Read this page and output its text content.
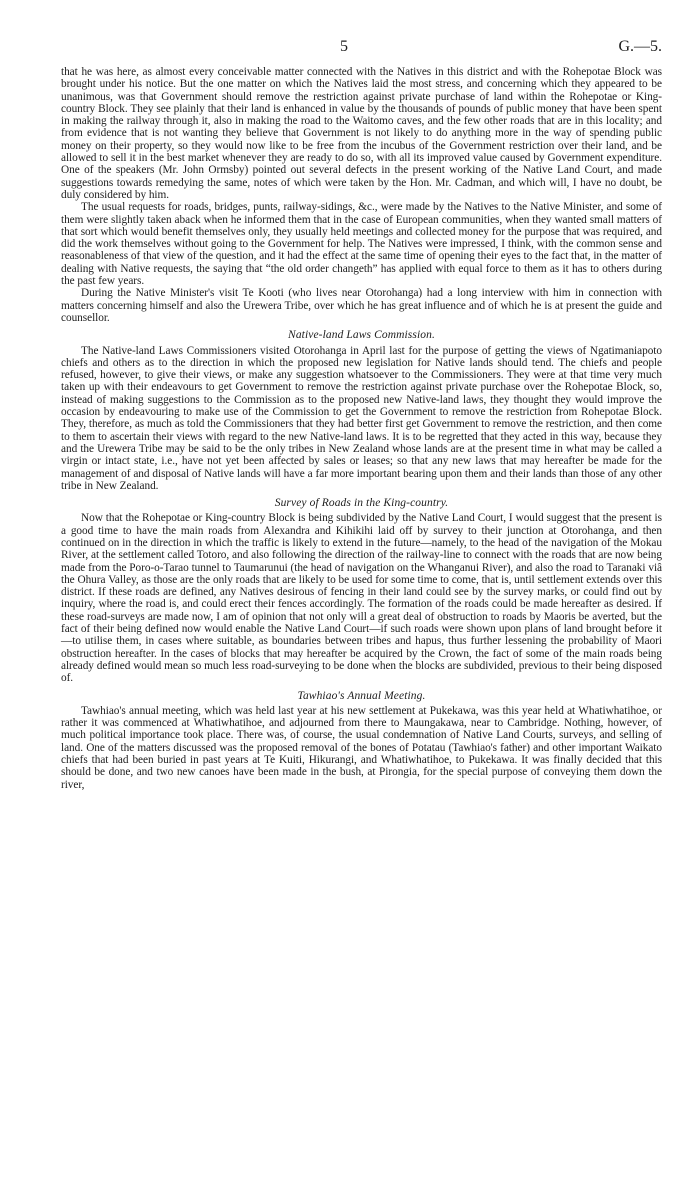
5	G.—5.

that he was here, as almost every conceivable matter connected with the Natives in this district and with the Rohepotae Block was brought under his notice. But the one matter on which the Natives laid the most stress, and concerning which they appeared to be unanimous, was that Government should remove the restriction against private purchase of land within the Rohepotae or King-country Block. They see plainly that their land is enhanced in value by the thousands of pounds of public money that have been spent in making the railway through it, also in making the road to the Waitomo caves, and the few other roads that are in this locality; and from evidence that is not wanting they believe that Government is not likely to do anything more in the way of spending public money on their property, so they would now like to be free from the incubus of the Government restriction over their land, and be allowed to sell it in the best market whenever they are ready to do so, with all its improved value caused by Government expenditure. One of the speakers (Mr. John Ormsby) pointed out several defects in the present working of the Native Land Court, and made suggestions towards remedying the same, notes of which were taken by the Hon. Mr. Cadman, and which will, I have no doubt, be duly considered by him.

The usual requests for roads, bridges, punts, railway-sidings, &c., were made by the Natives to the Native Minister, and some of them were slightly taken aback when he informed them that in the case of European communities, when they wanted small matters of that sort which would benefit themselves only, they usually held meetings and collected money for the purpose that was required, and did the work themselves without going to the Government for help. The Natives were impressed, I think, with the common sense and reasonableness of that view of the question, and it had the effect at the same time of opening their eyes to the fact that, in the matter of dealing with Native requests, the saying that “the old order changeth” has applied with equal force to them as it has to others during the past few years.

During the Native Minister's visit Te Kooti (who lives near Otorohanga) had a long interview with him in connection with matters concerning himself and also the Urewera Tribe, over which he has great influence and of which he is at present the guide and counsellor.

Native-land Laws Commission.

The Native-land Laws Commissioners visited Otorohanga in April last for the purpose of getting the views of Ngatimaniapoto chiefs and others as to the direction in which the proposed new legislation for Native lands should tend. The chiefs and people refused, however, to give their views, or make any suggestion whatsoever to the Commissioners. They were at that time very much taken up with their endeavours to get Government to remove the restriction against private purchase over the Rohepotae Block, so, instead of making suggestions to the Commission as to the proposed new Native-land laws, they thought they would improve the occasion by endeavouring to make use of the Commission to get the Government to remove the restriction from Rohepotae Block. They, therefore, as much as told the Commissioners that they had better first get Government to remove the restriction, and then come to them to ascertain their views with regard to the new Native-land laws. It is to be regretted that they acted in this way, because they and the Urewera Tribe may be said to be the only tribes in New Zealand whose lands are at the present time in what may be called a virgin or intact state, i.e., have not yet been affected by sales or leases; so that any new laws that may hereafter be made for the management of and disposal of Native lands will have a far more important bearing upon them and their lands than those of any other tribe in New Zealand.

Survey of Roads in the King-country.

Now that the Rohepotae or King-country Block is being subdivided by the Native Land Court, I would suggest that the present is a good time to have the main roads from Alexandra and Kihikihi laid off by survey to their junction at Otorohanga, and then continued on in the direction in which the traffic is likely to extend in the future—namely, to the head of the navigation of the Mokau River, at the settlement called Totoro, and also following the direction of the railway-line to connect with the roads that are now being made from the Poro-o-Tarao tunnel to Taumarunui (the head of navigation on the Whanganui River), and also the road to Taranaki viâ the Ohura Valley, as those are the only roads that are likely to be used for some time to come, that is, until settlement extends over this district. If these roads are defined, any Natives desirous of fencing in their land could see by the survey marks, or could find out by inquiry, where the road is, and could erect their fences accordingly. The formation of the roads could be made hereafter as desired. If these road-surveys are made now, I am of opinion that not only will a great deal of obstruction to roads by Maoris be averted, but the fact of their being defined now would enable the Native Land Court—if such roads were shown upon plans of land brought before it—to utilise them, in cases where suitable, as boundaries between tribes and hapus, thus further lessening the probability of Maori obstruction hereafter. In the cases of blocks that may hereafter be acquired by the Crown, the fact of some of the main roads being already defined would mean so much less road-surveying to be done when the blocks are subdivided, previous to their being disposed of.

Tawhiao's Annual Meeting.

Tawhiao's annual meeting, which was held last year at his new settlement at Pukekawa, was this year held at Whatiwhatihoe, or rather it was commenced at Whatiwhatihoe, and adjourned from there to Maungakawa, near to Cambridge. Nothing, however, of much political importance took place. There was, of course, the usual condemnation of Native Land Courts, surveys, and selling of land. One of the matters discussed was the proposed removal of the bones of Potatau (Tawhiao's father) and other important Waikato chiefs that had been buried in past years at Te Kuiti, Hikurangi, and Whatiwhatihoe, to Pukekawa. It was finally decided that this should be done, and two new canoes have been made in the bush, at Pirongia, for the special purpose of conveying them down the river,
